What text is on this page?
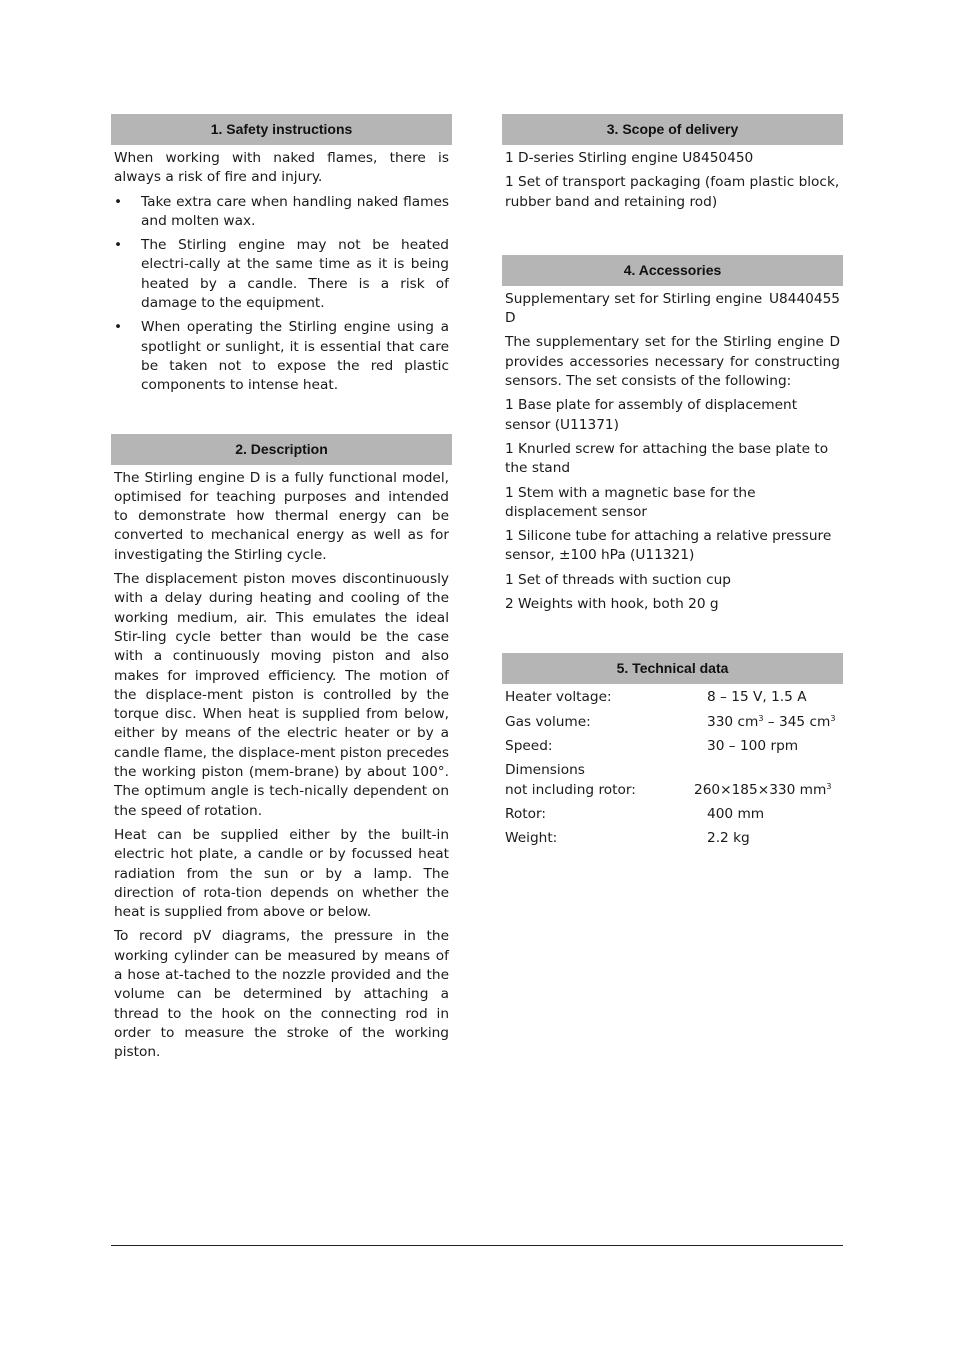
1. Safety instructions

When working with naked flames, there is always a risk of fire and injury.

• Take extra care when handling naked flames and molten wax.
• The Stirling engine may not be heated electri-cally at the same time as it is being heated by a candle. There is a risk of damage to the equipment.
• When operating the Stirling engine using a spotlight or sunlight, it is essential that care be taken not to expose the red plastic components to intense heat.
2. Description

The Stirling engine D is a fully functional model, optimised for teaching purposes and intended to demonstrate how thermal energy can be converted to mechanical energy as well as for investigating the Stirling cycle.

The displacement piston moves discontinuously with a delay during heating and cooling of the working medium, air. This emulates the ideal Stir-ling cycle better than would be the case with a continuously moving piston and also makes for improved efficiency. The motion of the displace-ment piston is controlled by the torque disc. When heat is supplied from below, either by means of the electric heater or by a candle flame, the displace-ment piston precedes the working piston (mem-brane) by about 100°. The optimum angle is tech-nically dependent on the speed of rotation.

Heat can be supplied either by the built-in electric hot plate, a candle or by focussed heat radiation from the sun or by a lamp. The direction of rota-tion depends on whether the heat is supplied from above or below.

To record pV diagrams, the pressure in the working cylinder can be measured by means of a hose at-tached to the nozzle provided and the volume can be determined by attaching a thread to the hook on the connecting rod in order to measure the stroke of the working piston.

3. Scope of delivery

1 D-series Stirling engine U8450450

1 Set of transport packaging (foam plastic block, rubber band and retaining rod)

4. Accessories
Supplementary set for Stirling engine D
U8440455

The supplementary set for the Stirling engine D provides accessories necessary for constructing sensors. The set consists of the following:

1 Base plate for assembly of displacement sensor (U11371)

1 Knurled screw for attaching the base plate to the stand

1 Stem with a magnetic base for the displacement sensor

1 Silicone tube for attaching a relative pressure sensor, ±100 hPa (U11321)

1 Set of threads with suction cup

2 Weights with hook, both 20 g

5. Technical data
Heater voltage:	8 – 15 V, 1.5 A
Gas volume:	330 $cm^3 - 345$ $cm^3$
Speed:	30 – 100 rpm
Dimensions
not including rotor:	260×185×330 $mm^3$
Rotor:	400 mm
Weight:	2.2 kg
